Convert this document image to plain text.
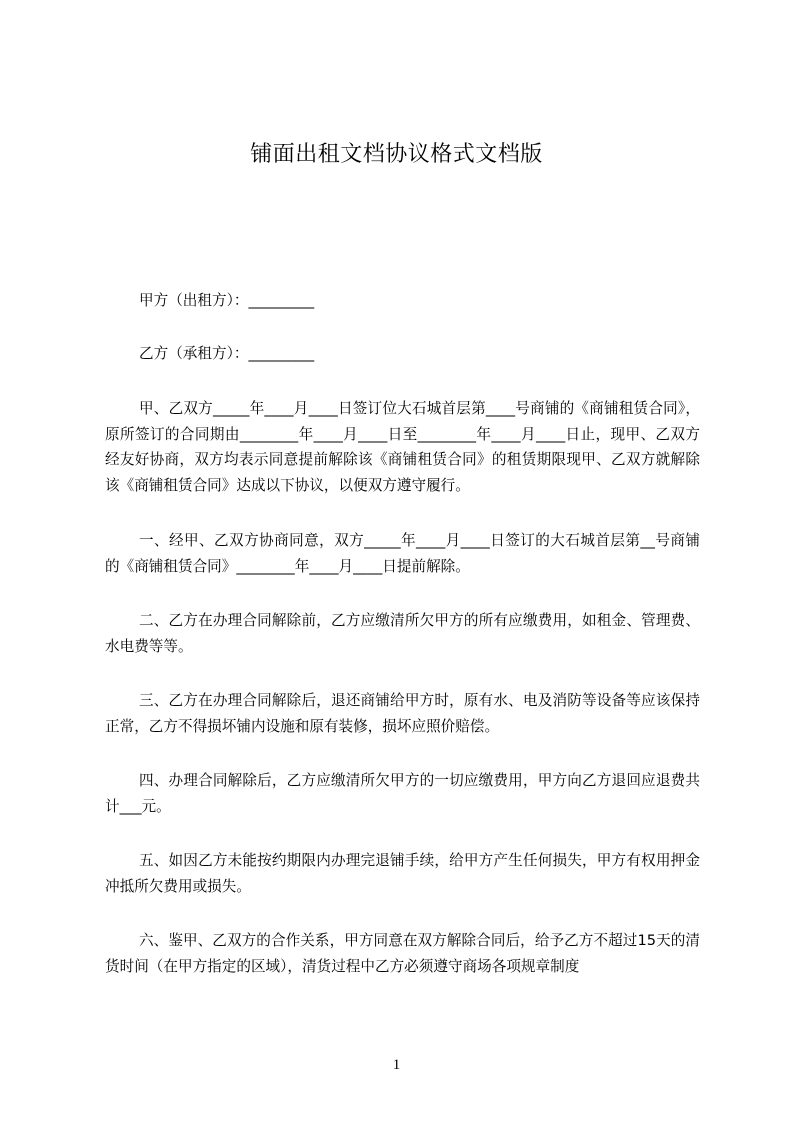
铺面出租文档协议格式文档版
甲方（出租方）：_________
乙方（承租方）：_________
甲、乙双方_____年____月____日签订位大石城首层第____号商铺的《商铺租赁合同》，原所签订的合同期由________年____月____日至________年____月____日止，现甲、乙双方经友好协商，双方均表示同意提前解除该《商铺租赁合同》的租赁期限现甲、乙双方就解除该《商铺租赁合同》达成以下协议，以便双方遵守履行。
一、经甲、乙双方协商同意，双方_____年____月____日签订的大石城首层第__号商铺的《商铺租赁合同》________年____月____日提前解除。
二、乙方在办理合同解除前，乙方应缴清所欠甲方的所有应缴费用，如租金、管理费、水电费等等。
三、乙方在办理合同解除后，退还商铺给甲方时，原有水、电及消防等设备等应该保持正常，乙方不得损坏铺内设施和原有装修，损坏应照价赔偿。
四、办理合同解除后，乙方应缴清所欠甲方的一切应缴费用，甲方向乙方退回应退费共计___元。
五、如因乙方未能按约期限内办理完退铺手续，给甲方产生任何损失，甲方有权用押金冲抵所欠费用或损失。
六、鉴甲、乙双方的合作关系，甲方同意在双方解除合同后，给予乙方不超过15天的清货时间（在甲方指定的区域），清货过程中乙方必须遵守商场各项规章制度
1
